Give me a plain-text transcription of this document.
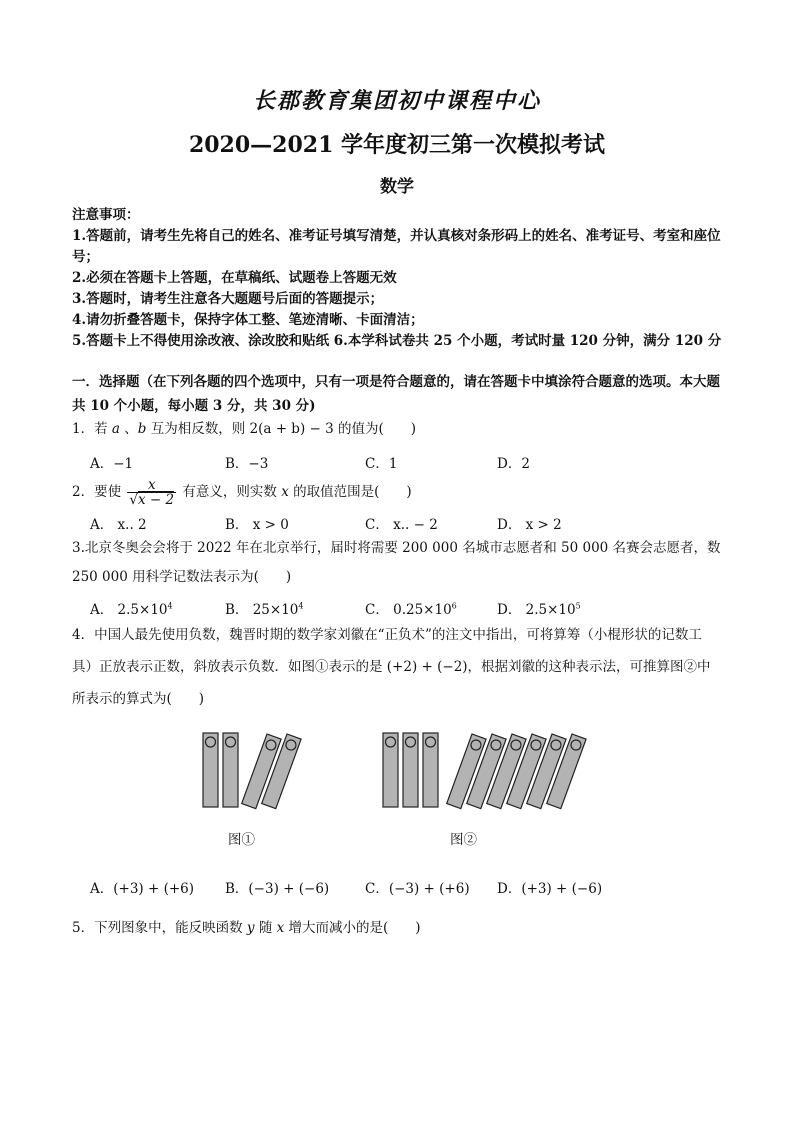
长郡教育集团初中课程中心
2020—2021 学年度初三第一次模拟考试
数学

注意事项：

1.答题前，请考生先将自己的姓名、准考证号填写清楚，并认真核对条形码上的姓名、准考证号、考室和座位号；

2.必须在答题卡上答题，在草稿纸、试题卷上答题无效

3.答题时，请考生注意各大题题号后面的答题提示；

4.请勿折叠答题卡，保持字体工整、笔迹清晰、卡面清洁；

5.答题卡上不得使用涂改液、涂改胶和贴纸 6.本学科试卷共 25 个小题，考试时量 120 分钟，满分 120 分

一．选择题（在下列各题的四个选项中，只有一项是符合题意的，请在答题卡中填涂符合题意的选项。本大题共 10 个小题，每小题 3 分，共 30 分)
1．若 a 、b 互为相反数，则 2(a + b) − 3 的值为(　　)
A．−1	B．−3	C．1	D．2
2．要使 $\frac{x}{√x - 2}$ 有意义，则实数 x 的取值范围是(　　)
A． x.. 2	B． x > 0	C． x.. − 2	D． x > 2
3.北京冬奥会会将于 2022 年在北京举行，届时将需要 200 000 名城市志愿者和 50 000 名赛会志愿者，数 250 000 用科学记数法表示为(　　)
A． $2.5\times 10^4$	B． $25\times 10^4$	C． $0.25\times 10^6$	D． $2.5\times 10^5$
4．中国人最先使用负数，魏晋时期的数学家刘徽在“正负术”的注文中指出，可将算筹（小棍形状的记数工具）正放表示正数，斜放表示负数．如图①表示的是 (+2) + (−2)，根据刘徽的这种表示法，可推算图②中所表示的算式为(　　)
图①	图②
A．(+3) + (+6) B．(−3) + (−6)	C．(−3) + (+6) D．(+3) + (−6)
5．下列图象中，能反映函数 y 随 x 增大而减小的是(　　)
